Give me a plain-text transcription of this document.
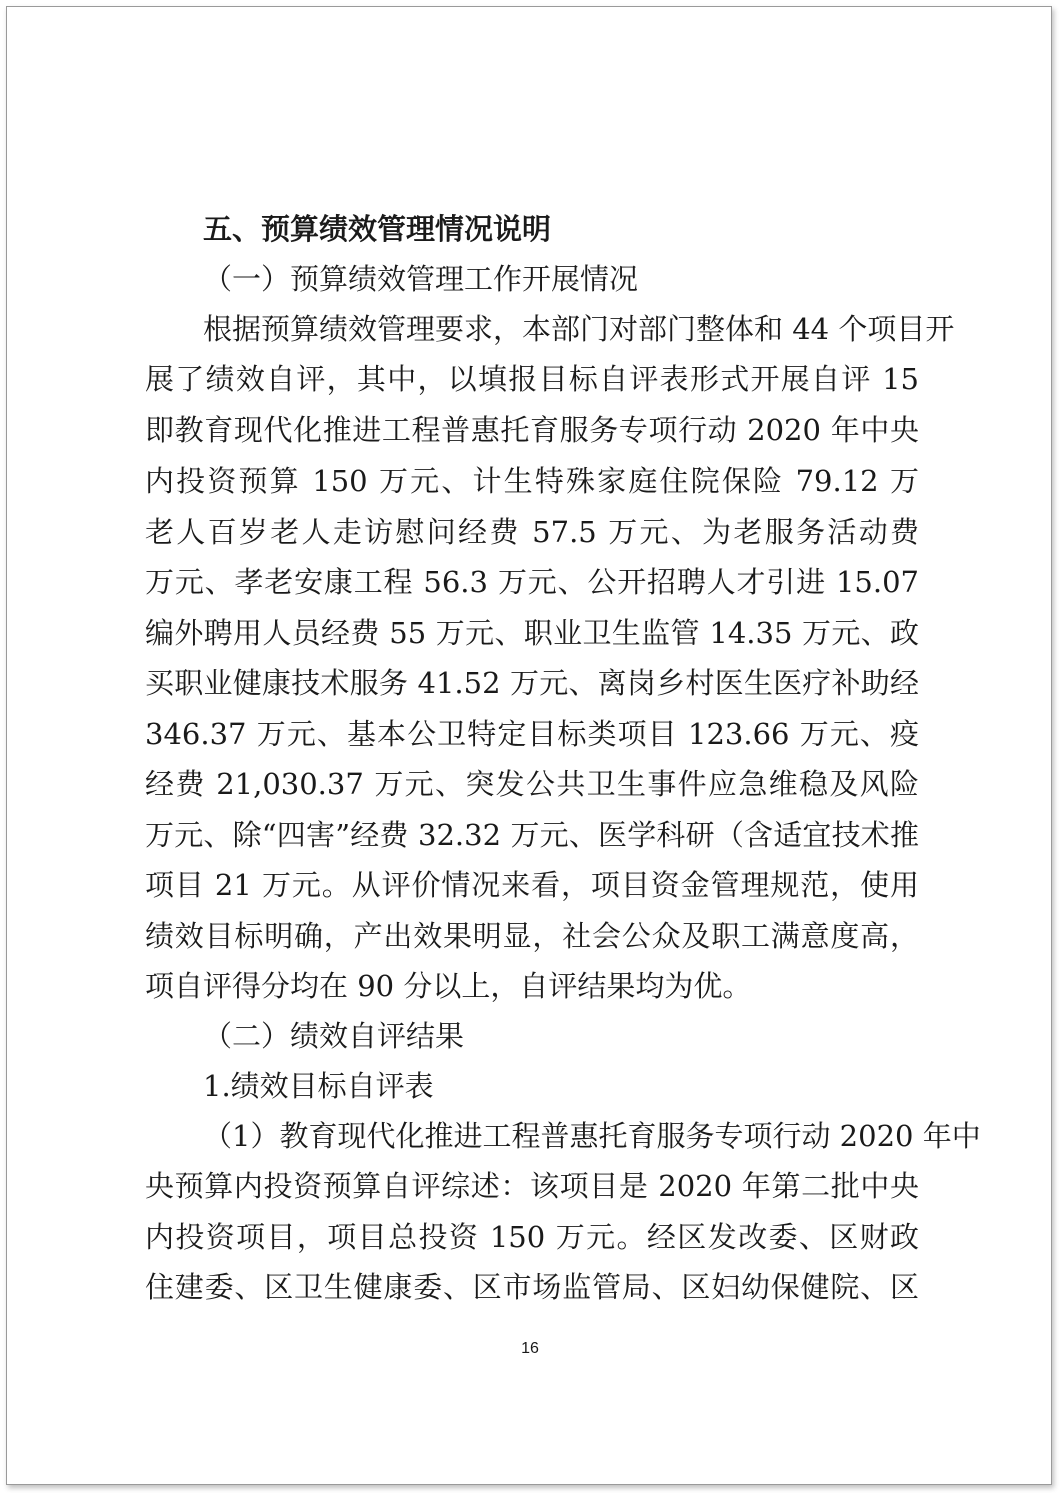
五、预算绩效管理情况说明
（一）预算绩效管理工作开展情况
根据预算绩效管理要求，本部门对部门整体和 44 个项目开
展了绩效自评，其中，以填报目标自评表形式开展自评 15
即教育现代化推进工程普惠托育服务专项行动 2020 年中央
内投资预算 150 万元、计生特殊家庭住院保险 79.12 万
老人百岁老人走访慰问经费 57.5 万元、为老服务活动费
万元、孝老安康工程 56.3 万元、公开招聘人才引进 15.07
编外聘用人员经费 55 万元、职业卫生监管 14.35 万元、政
买职业健康技术服务 41.52 万元、离岗乡村医生医疗补助经
346.37 万元、基本公卫特定目标类项目 123.66 万元、疫
经费 21,030.37 万元、突发公共卫生事件应急维稳及风险
万元、除“四害”经费 32.32 万元、医学科研（含适宜技术推
项目 21 万元。从评价情况来看，项目资金管理规范，使用
绩效目标明确，产出效果明显，社会公众及职工满意度高，
项自评得分均在 90 分以上，自评结果均为优。
（二）绩效自评结果
1.绩效目标自评表
（1）教育现代化推进工程普惠托育服务专项行动 2020 年中
央预算内投资预算自评综述：该项目是 2020 年第二批中央
内投资项目，项目总投资 150 万元。经区发改委、区财政
住建委、区卫生健康委、区市场监管局、区妇幼保健院、区
16
